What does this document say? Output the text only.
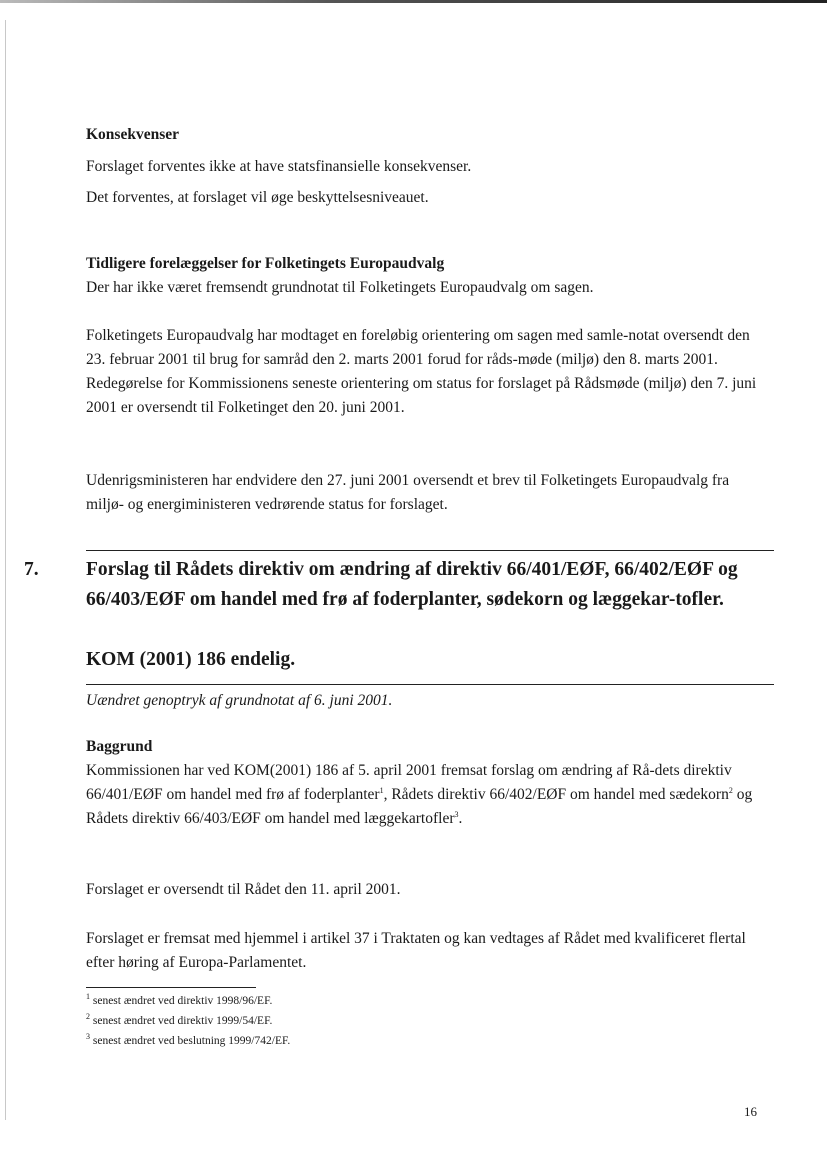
Konsekvenser
Forslaget forventes ikke at have statsfinansielle konsekvenser.
Det forventes, at forslaget vil øge beskyttelsesniveauet.
Tidligere forelæggelser for Folketingets Europaudvalg
Der har ikke været fremsendt grundnotat til Folketingets Europaudvalg om sagen.
Folketingets Europaudvalg har modtaget en foreløbig orientering om sagen med samle-notat oversendt den 23. februar 2001 til brug for samråd den 2. marts 2001 forud for råds-møde (miljø) den 8. marts 2001. Redegørelse for Kommissionens seneste orientering om status for forslaget på Rådsmøde (miljø) den 7. juni 2001 er oversendt til Folketinget den 20. juni 2001.
Udenrigsministeren har endvidere den 27. juni 2001 oversendt et brev til Folketingets Europaudvalg fra miljø- og energiministeren vedrørende status for forslaget.
7. Forslag til Rådets direktiv om ændring af direktiv 66/401/EØF, 66/402/EØF og 66/403/EØF om handel med frø af foderplanter, sødekorn og læggekar-tofler.
KOM (2001) 186 endelig.
Uændret genoptryk af grundnotat af 6. juni 2001.
Baggrund
Kommissionen har ved KOM(2001) 186 af 5. april 2001 fremsat forslag om ændring af Rå-dets direktiv 66/401/EØF om handel med frø af foderplanter$^1$, Rådets direktiv 66/402/EØF om handel med sædekorn$^2$ og Rådets direktiv 66/403/EØF om handel med læggekartofler$^3$.
Forslaget er oversendt til Rådet den 11. april 2001.
Forslaget er fremsat med hjemmel i artikel 37 i Traktaten og kan vedtages af Rådet med kvalificeret flertal efter høring af Europa-Parlamentet.
$^1$ senest ændret ved direktiv 1998/96/EF.
$^2$ senest ændret ved direktiv 1999/54/EF.
$^3$ senest ændret ved beslutning 1999/742/EF.
16
